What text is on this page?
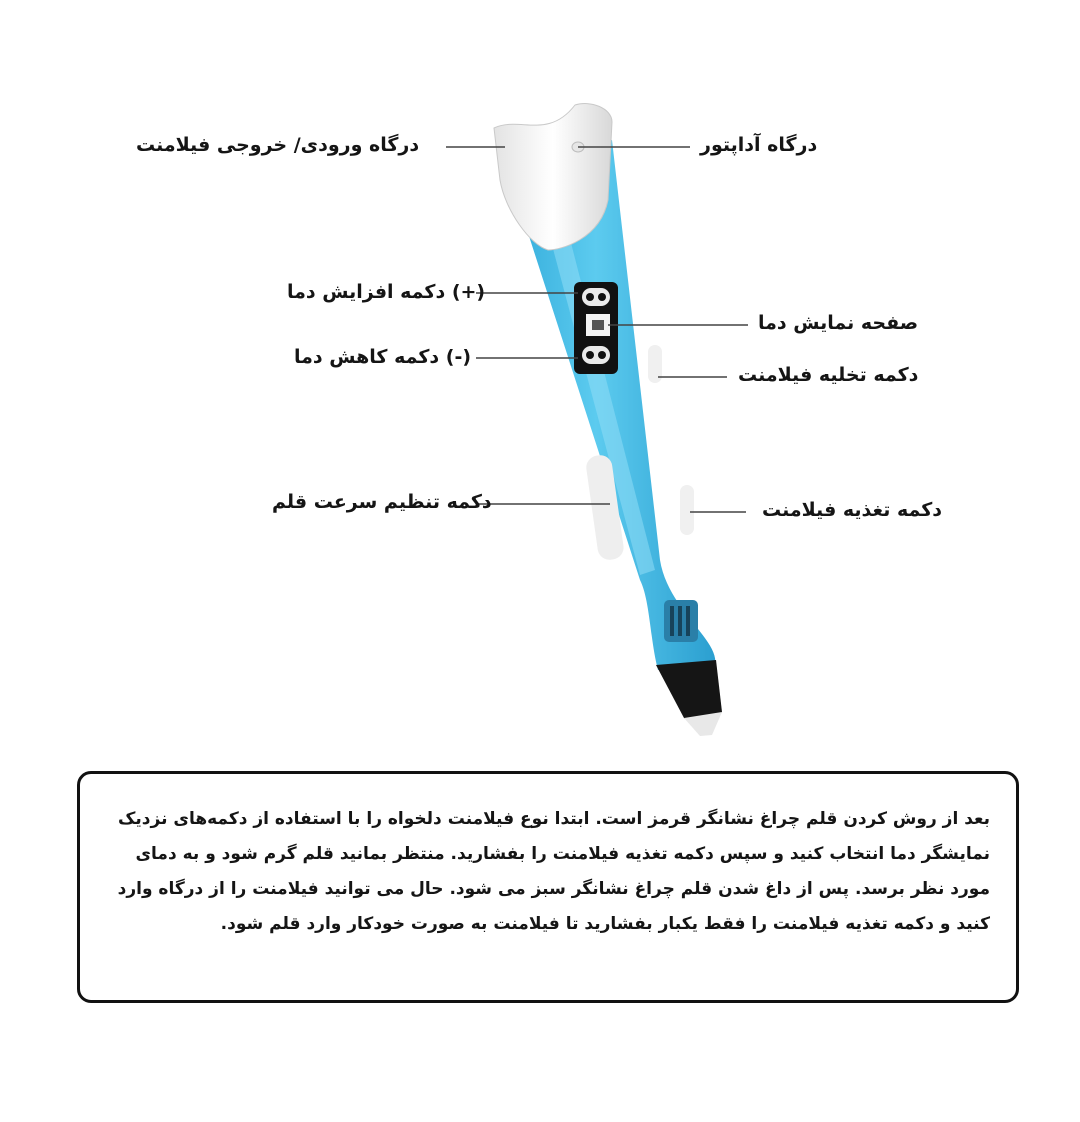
درگاه ورودی/ خروجی فیلامنت	درگاه آداپتور
(+) دکمه افزایش دما
صفحه نمایش دما
(-) دکمه کاهش دما
دکمه تخلیه فیلامنت
دکمه تنظیم سرعت قلم	دکمه تغذیه فیلامنت
بعد از روش کردن قلم چراغ نشانگر قرمز است. ابتدا نوع فیلامنت دلخواه را با استفاده از دکمه‌های نزدیک نمایشگر دما انتخاب کنید و سپس دکمه تغذیه فیلامنت را بفشارید. منتظر بمانید قلم گرم شود و به دمای مورد نظر برسد. پس از داغ شدن قلم چراغ نشانگر سبز می شود. حال می توانید فیلامنت را از درگاه وارد کنید و دکمه تغذیه فیلامنت را فقط یکبار بفشارید تا فیلامنت به صورت خودکار وارد قلم شود.
